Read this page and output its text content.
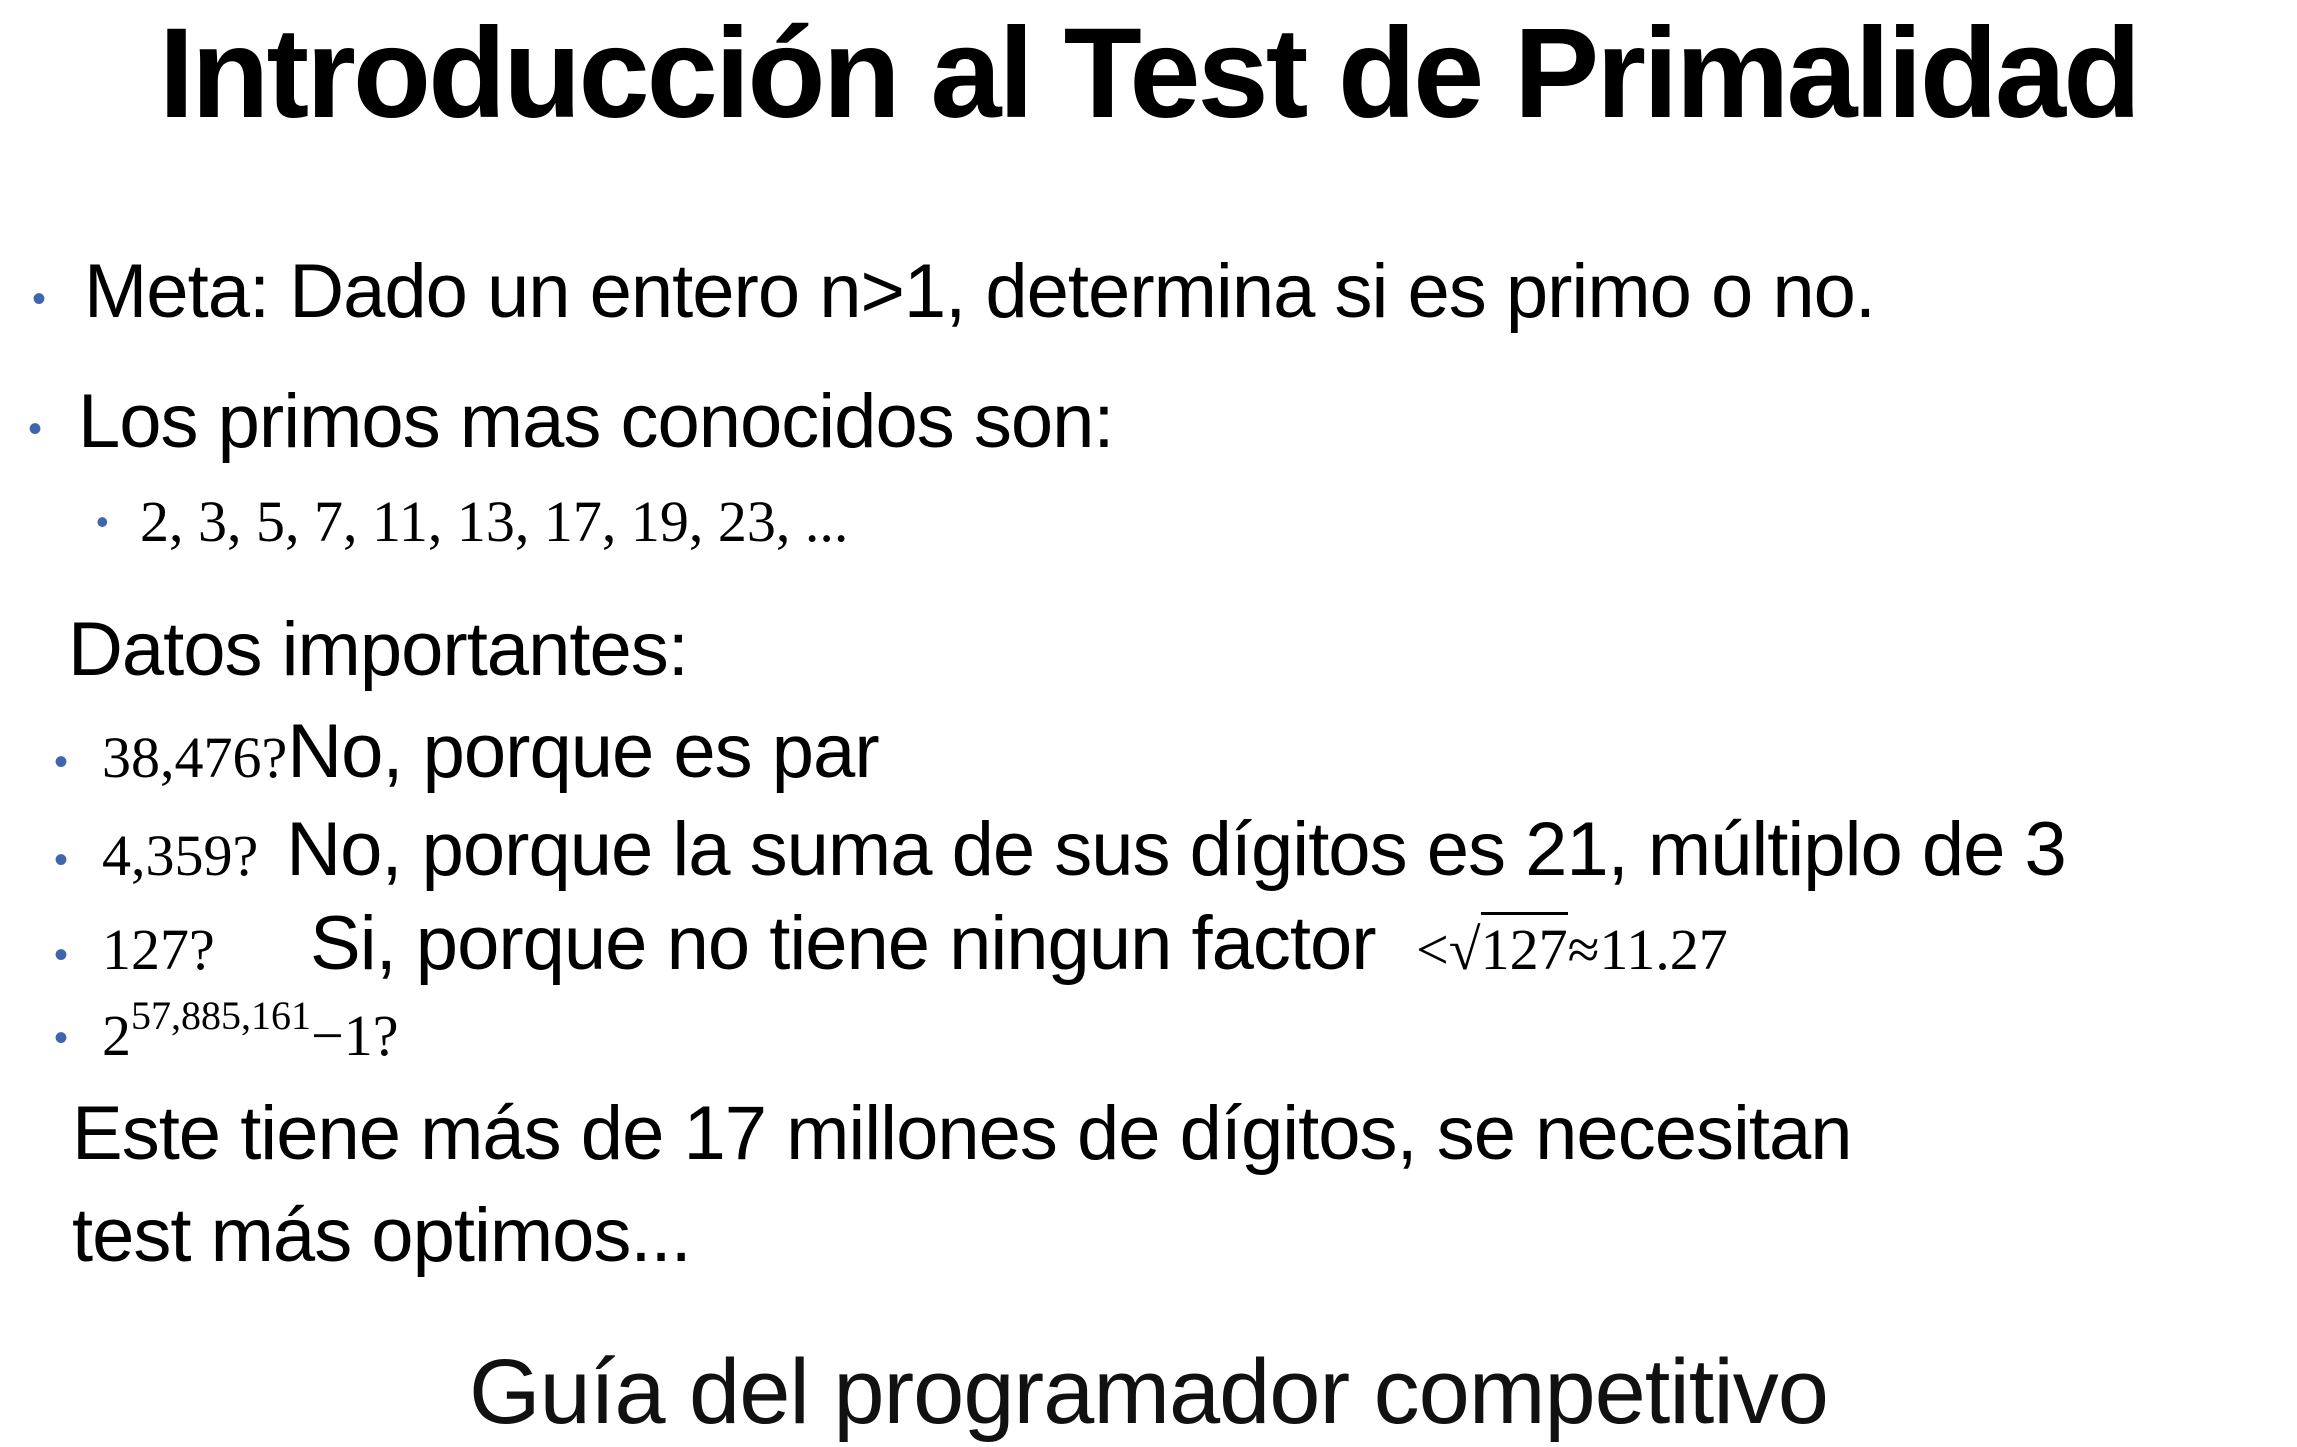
Introducción al Test de Primalidad
• Meta: Dado un entero n>1, determina si es primo o no.
• Los primos mas conocidos son:
• 2, 3, 5, 7, 11, 13, 17, 19, 23, ...
Datos importantes:
• 38,476?No, porque es par
• 4,359? No, porque la suma de sus dígitos es 21, múltiplo de 3
• 127? Si, porque no tiene ningun factor <√127≈11.27
• $2^{57,885,161}-1$?
Este tiene más de 17 millones de dígitos, se necesitan
test más optimos...
Guía del programador competitivo
